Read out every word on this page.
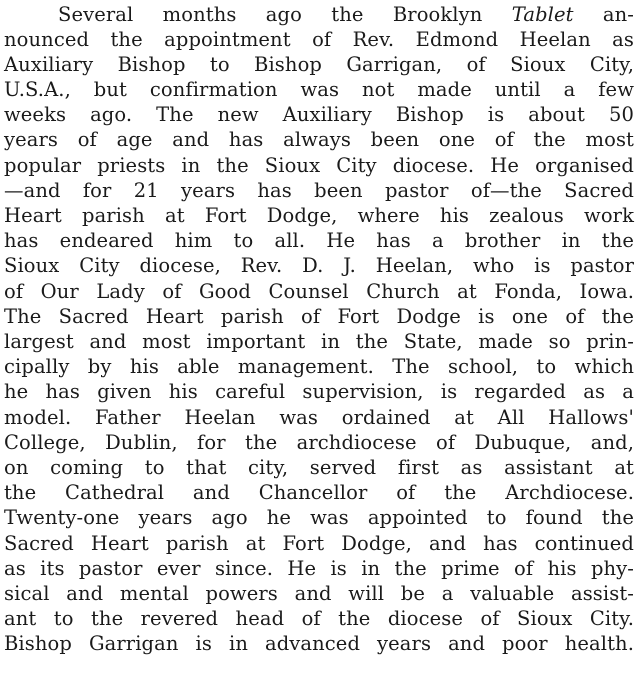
Several months ago the Brooklyn Tablet an-
nounced the appointment of Rev. Edmond Heelan as
Auxiliary Bishop to Bishop Garrigan, of Sioux City,
U.S.A., but confirmation was not made until a few
weeks ago. The new Auxiliary Bishop is about 50
years of age and has always been one of the most
popular priests in the Sioux City diocese. He organised
—and for 21 years has been pastor of—the Sacred
Heart parish at Fort Dodge, where his zealous work
has endeared him to all. He has a brother in the
Sioux City diocese, Rev. D. J. Heelan, who is pastor
of Our Lady of Good Counsel Church at Fonda, Iowa.
The Sacred Heart parish of Fort Dodge is one of the
largest and most important in the State, made so prin-
cipally by his able management. The school, to which
he has given his careful supervision, is regarded as a
model. Father Heelan was ordained at All Hallows'
College, Dublin, for the archdiocese of Dubuque, and,
on coming to that city, served first as assistant at
the Cathedral and Chancellor of the Archdiocese.
Twenty-one years ago he was appointed to found the
Sacred Heart parish at Fort Dodge, and has continued
as its pastor ever since. He is in the prime of his phy-
sical and mental powers and will be a valuable assist-
ant to the revered head of the diocese of Sioux City.
Bishop Garrigan is in advanced years and poor health.
